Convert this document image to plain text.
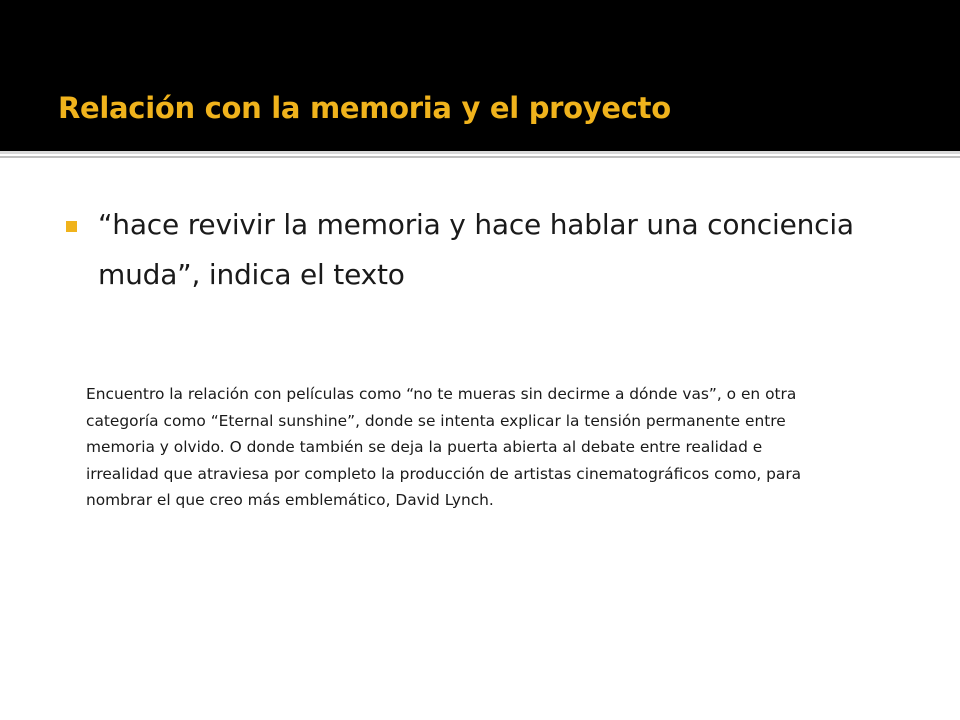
Relación con la memoria y el proyecto

“hace revivir la memoria y hace hablar una conciencia muda”, indica el texto

Encuentro la relación con películas como “no te mueras sin decirme a dónde vas”, o en otra categoría como “Eternal sunshine”, donde se intenta explicar la tensión permanente entre memoria y olvido. O donde también se deja la puerta abierta al debate entre realidad e irrealidad que atraviesa por completo la producción de artistas cinematográficos como, para nombrar el que creo más emblemático, David Lynch.
